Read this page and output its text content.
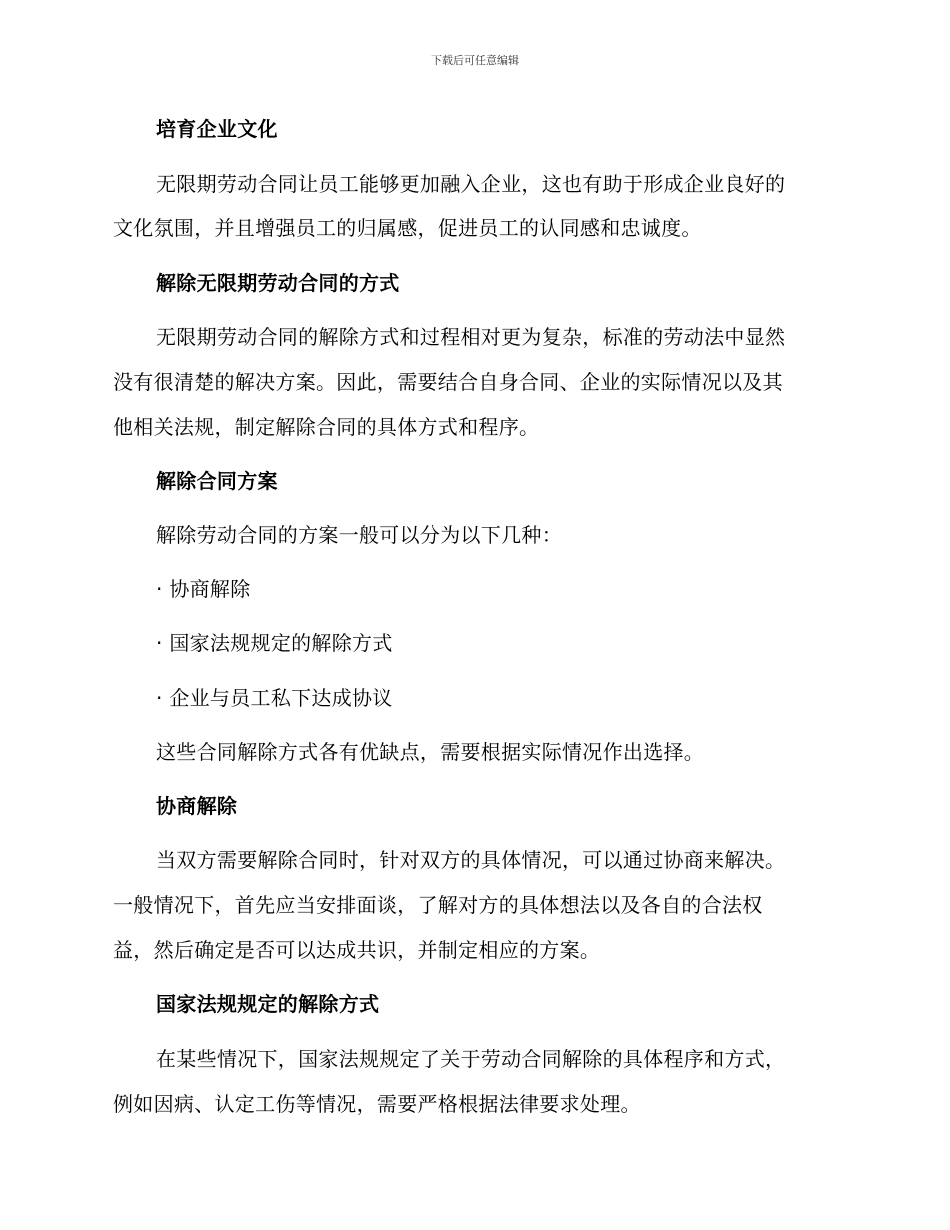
下载后可任意编辑
培育企业文化
无限期劳动合同让员工能够更加融入企业，这也有助于形成企业良好的
文化氛围，并且增强员工的归属感，促进员工的认同感和忠诚度。
解除无限期劳动合同的方式
无限期劳动合同的解除方式和过程相对更为复杂，标准的劳动法中显然
没有很清楚的解决方案。因此，需要结合自身合同、企业的实际情况以及其
他相关法规，制定解除合同的具体方式和程序。
解除合同方案
解除劳动合同的方案一般可以分为以下几种：
· 协商解除
· 国家法规规定的解除方式
· 企业与员工私下达成协议
这些合同解除方式各有优缺点，需要根据实际情况作出选择。
协商解除
当双方需要解除合同时，针对双方的具体情况，可以通过协商来解决。
一般情况下，首先应当安排面谈，了解对方的具体想法以及各自的合法权
益，然后确定是否可以达成共识，并制定相应的方案。
国家法规规定的解除方式
在某些情况下，国家法规规定了关于劳动合同解除的具体程序和方式，
例如因病、认定工伤等情况，需要严格根据法律要求处理。
